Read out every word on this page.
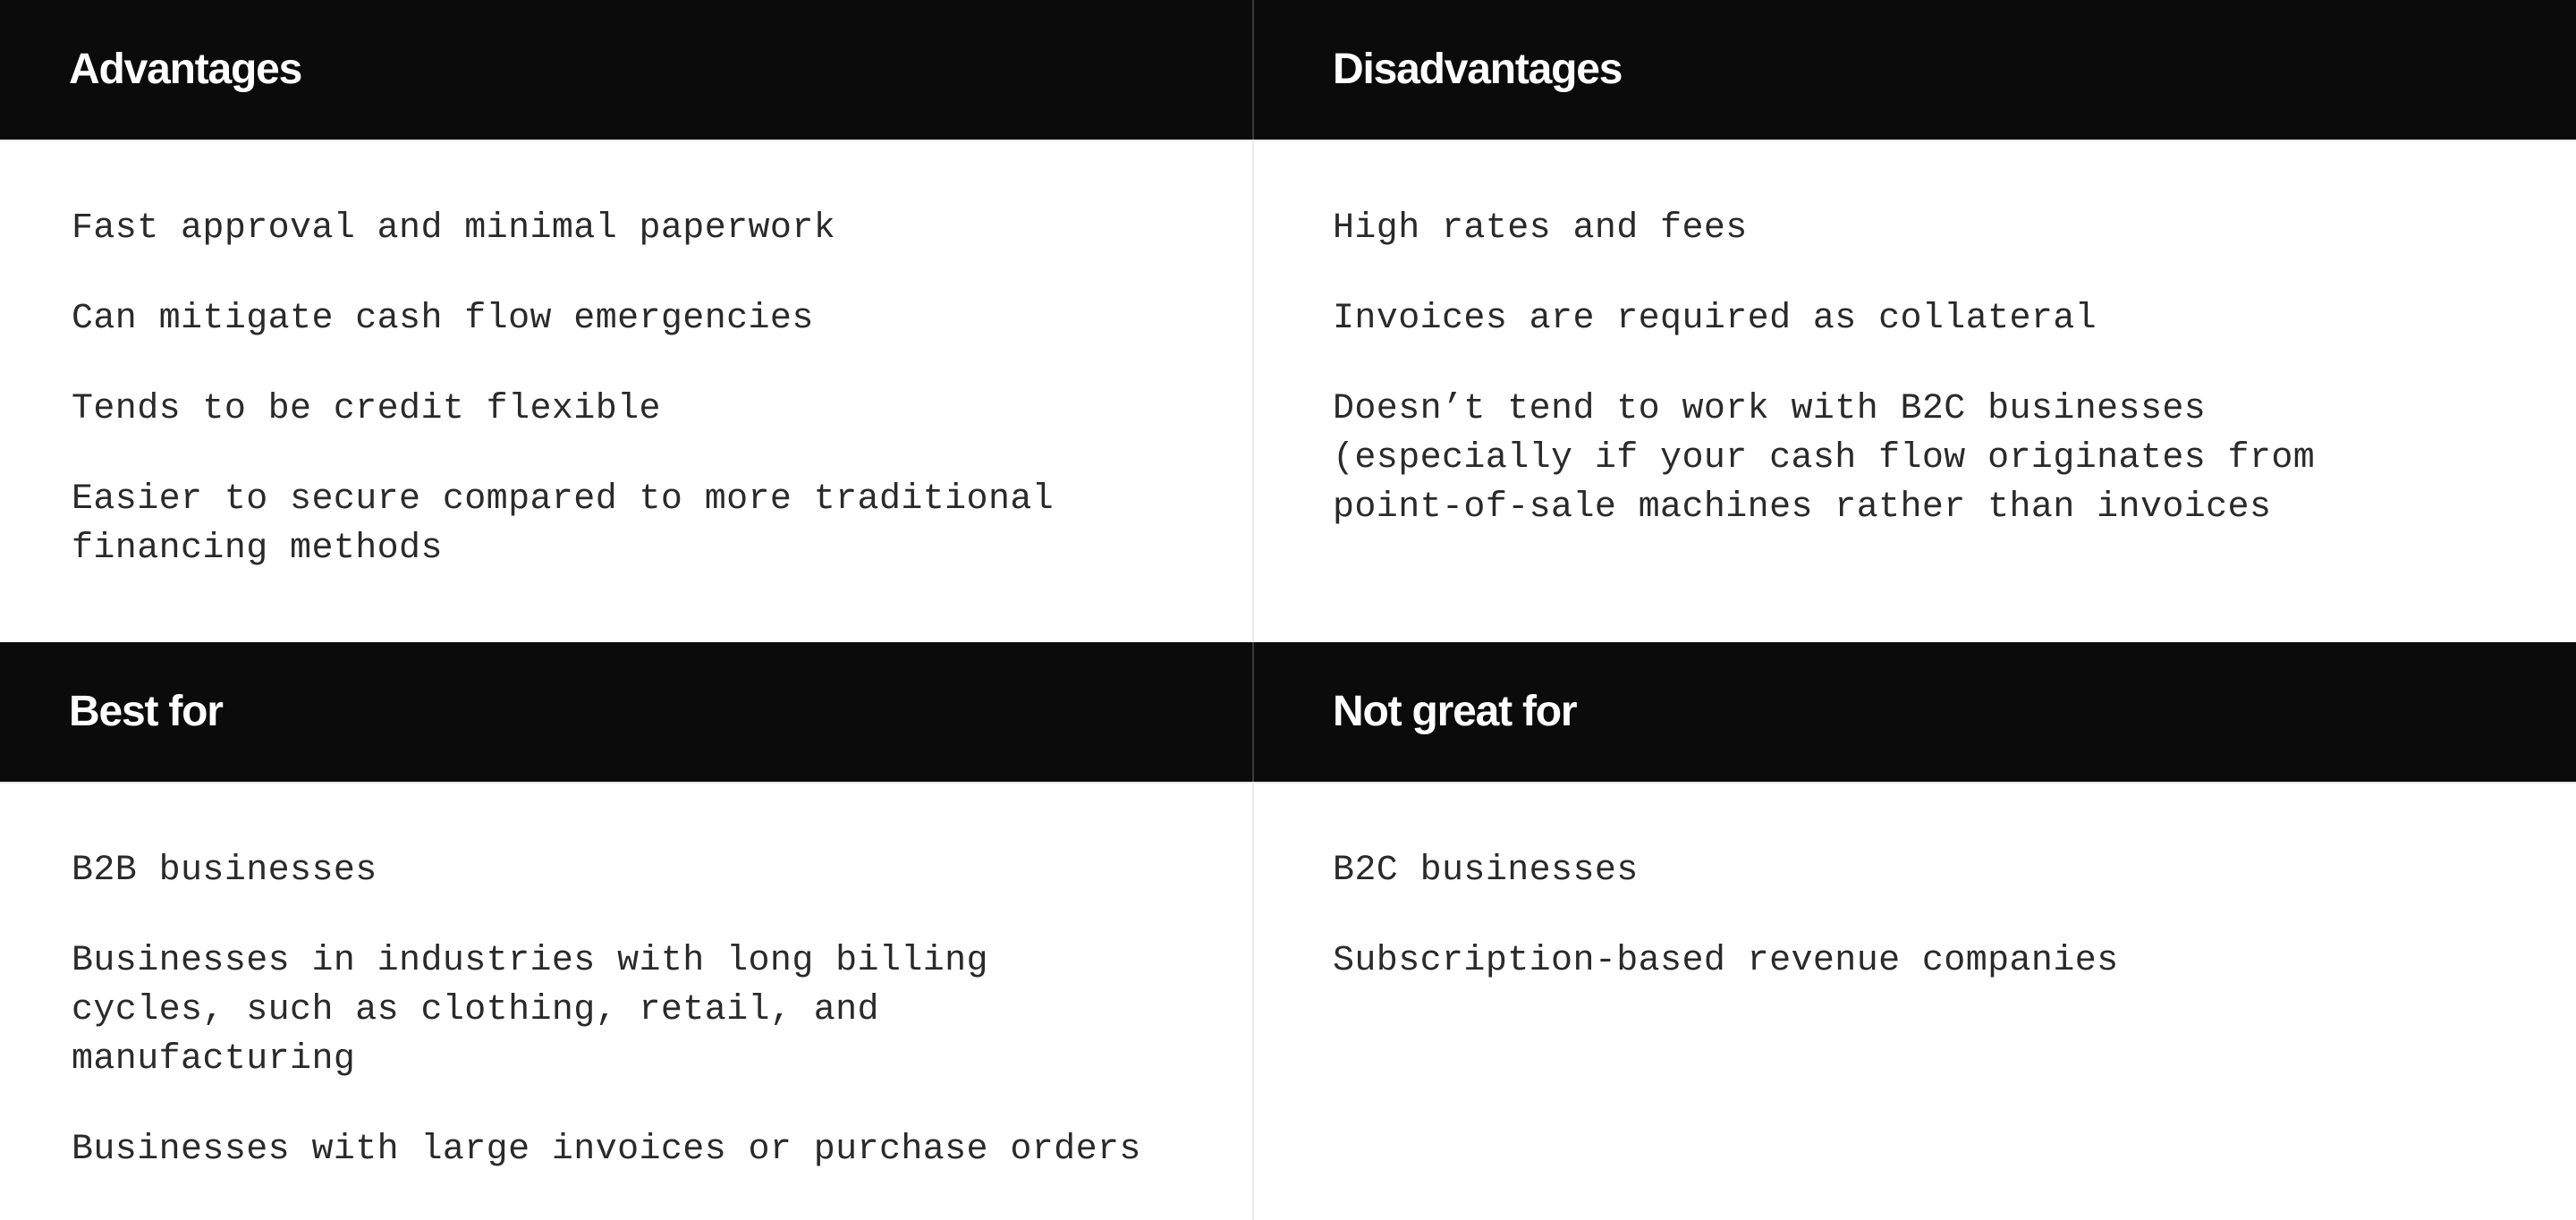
Advantages	Disadvantages
Fast approval and minimal paperwork
Can mitigate cash flow emergencies
Tends to be credit flexible
Easier to secure compared to more traditional financing methods
High rates and fees
Invoices are required as collateral
Doesn’t tend to work with B2C businesses (especially if your cash flow originates from point-of-sale machines rather than invoices
Best for	Not great for
B2B businesses
Businesses in industries with long billing cycles, such as clothing, retail, and manufacturing
Businesses with large invoices or purchase orders
B2C businesses
Subscription-based revenue companies
